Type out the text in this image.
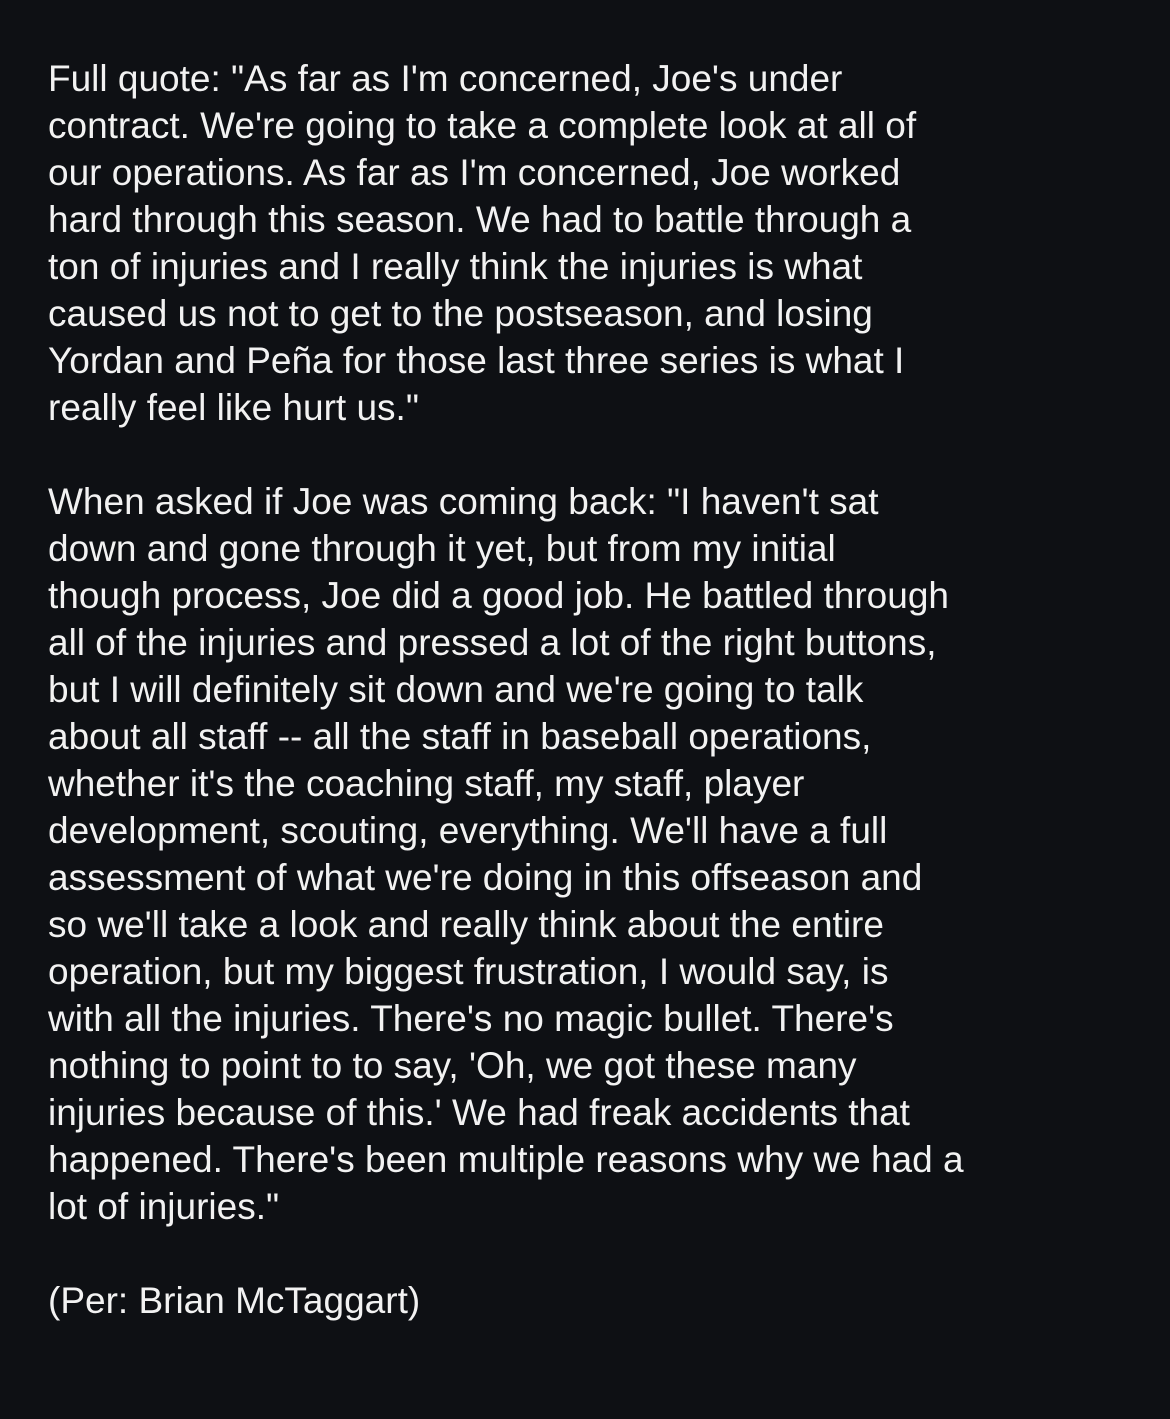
Full quote: "As far as I'm concerned, Joe's under
contract. We're going to take a complete look at all of
our operations. As far as I'm concerned, Joe worked
hard through this season. We had to battle through a
ton of injuries and I really think the injuries is what
caused us not to get to the postseason, and losing
Yordan and Peña for those last three series is what I
really feel like hurt us."

When asked if Joe was coming back: "I haven't sat
down and gone through it yet, but from my initial
though process, Joe did a good job. He battled through
all of the injuries and pressed a lot of the right buttons,
but I will definitely sit down and we're going to talk
about all staff -- all the staff in baseball operations,
whether it's the coaching staff, my staff, player
development, scouting, everything. We'll have a full
assessment of what we're doing in this offseason and
so we'll take a look and really think about the entire
operation, but my biggest frustration, I would say, is
with all the injuries. There's no magic bullet. There's
nothing to point to to say, 'Oh, we got these many
injuries because of this.' We had freak accidents that
happened. There's been multiple reasons why we had a
lot of injuries."

(Per: Brian McTaggart)
